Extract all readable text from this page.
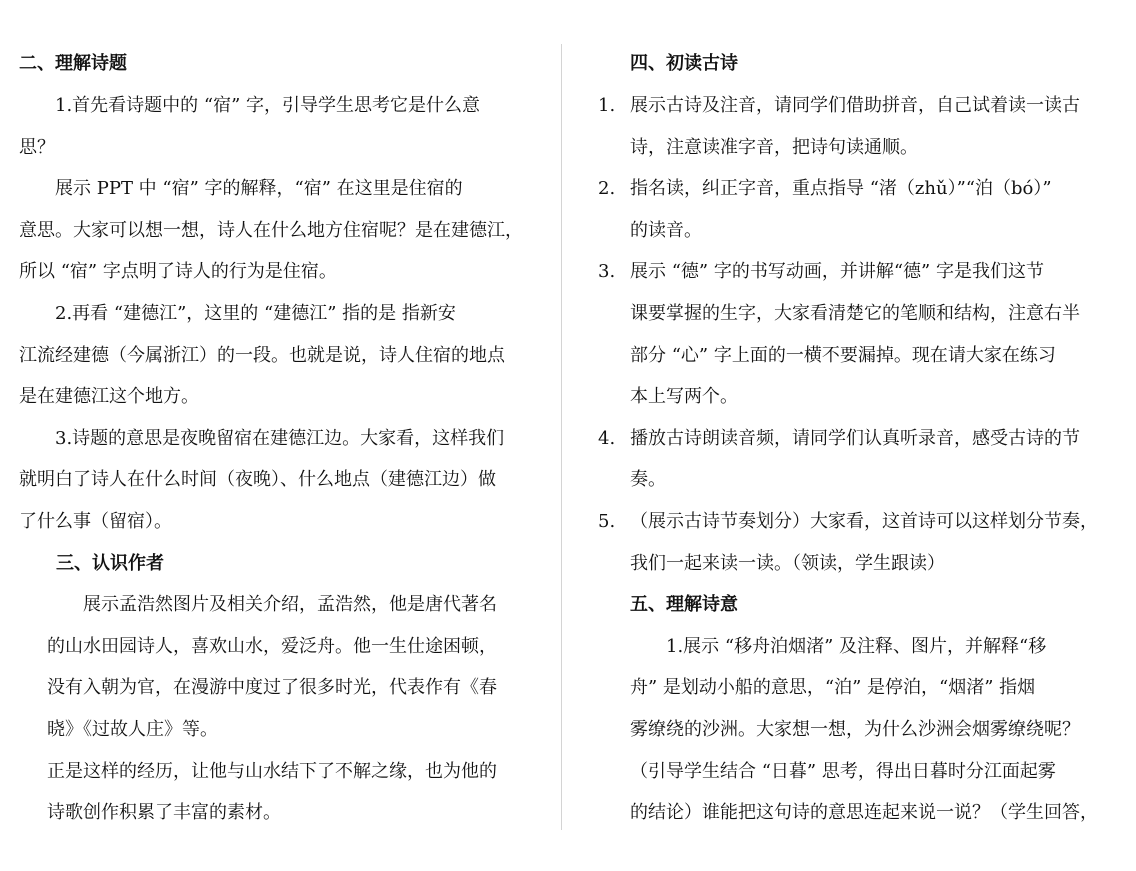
二、理解诗题
1.首先看诗题中的 “宿” 字，引导学生思考它是什么意
思？
展示 PPT 中 “宿” 字的解释，“宿” 在这里是住宿的
意思。大家可以想一想，诗人在什么地方住宿呢？是在建德江，
所以 “宿” 字点明了诗人的行为是住宿。
2.再看 “建德江”，这里的 “建德江” 指的是 指新安
江流经建德（今属浙江）的一段。也就是说，诗人住宿的地点
是在建德江这个地方。
3.诗题的意思是夜晚留宿在建德江边。大家看，这样我们
就明白了诗人在什么时间（夜晚）、什么地点（建德江边）做
了什么事（留宿）。
三、认识作者
展示孟浩然图片及相关介绍，孟浩然，他是唐代著名
的山水田园诗人，喜欢山水，爱泛舟。他一生仕途困顿，
没有入朝为官，在漫游中度过了很多时光，代表作有《春
晓》《过故人庄》等。
正是这样的经历，让他与山水结下了不解之缘，也为他的
诗歌创作积累了丰富的素材。
四、初读古诗
1. 展示古诗及注音，请同学们借助拼音，自己试着读一读古
诗，注意读准字音，把诗句读通顺。
2. 指名读，纠正字音，重点指导 “渚（zhǔ）”“泊（bó）”
的读音。
3. 展示 “德” 字的书写动画，并讲解“德” 字是我们这节
课要掌握的生字，大家看清楚它的笔顺和结构，注意右半
部分 “心” 字上面的一横不要漏掉。现在请大家在练习
本上写两个。
4. 播放古诗朗读音频，请同学们认真听录音，感受古诗的节
奏。
5. （展示古诗节奏划分）大家看，这首诗可以这样划分节奏，
我们一起来读一读。（领读，学生跟读）
五、理解诗意
1.展示 “移舟泊烟渚” 及注释、图片，并解释“移
舟” 是划动小船的意思，“泊” 是停泊，“烟渚” 指烟
雾缭绕的沙洲。大家想一想，为什么沙洲会烟雾缭绕呢？
（引导学生结合 “日暮” 思考，得出日暮时分江面起雾
的结论）谁能把这句诗的意思连起来说一说？（学生回答，
